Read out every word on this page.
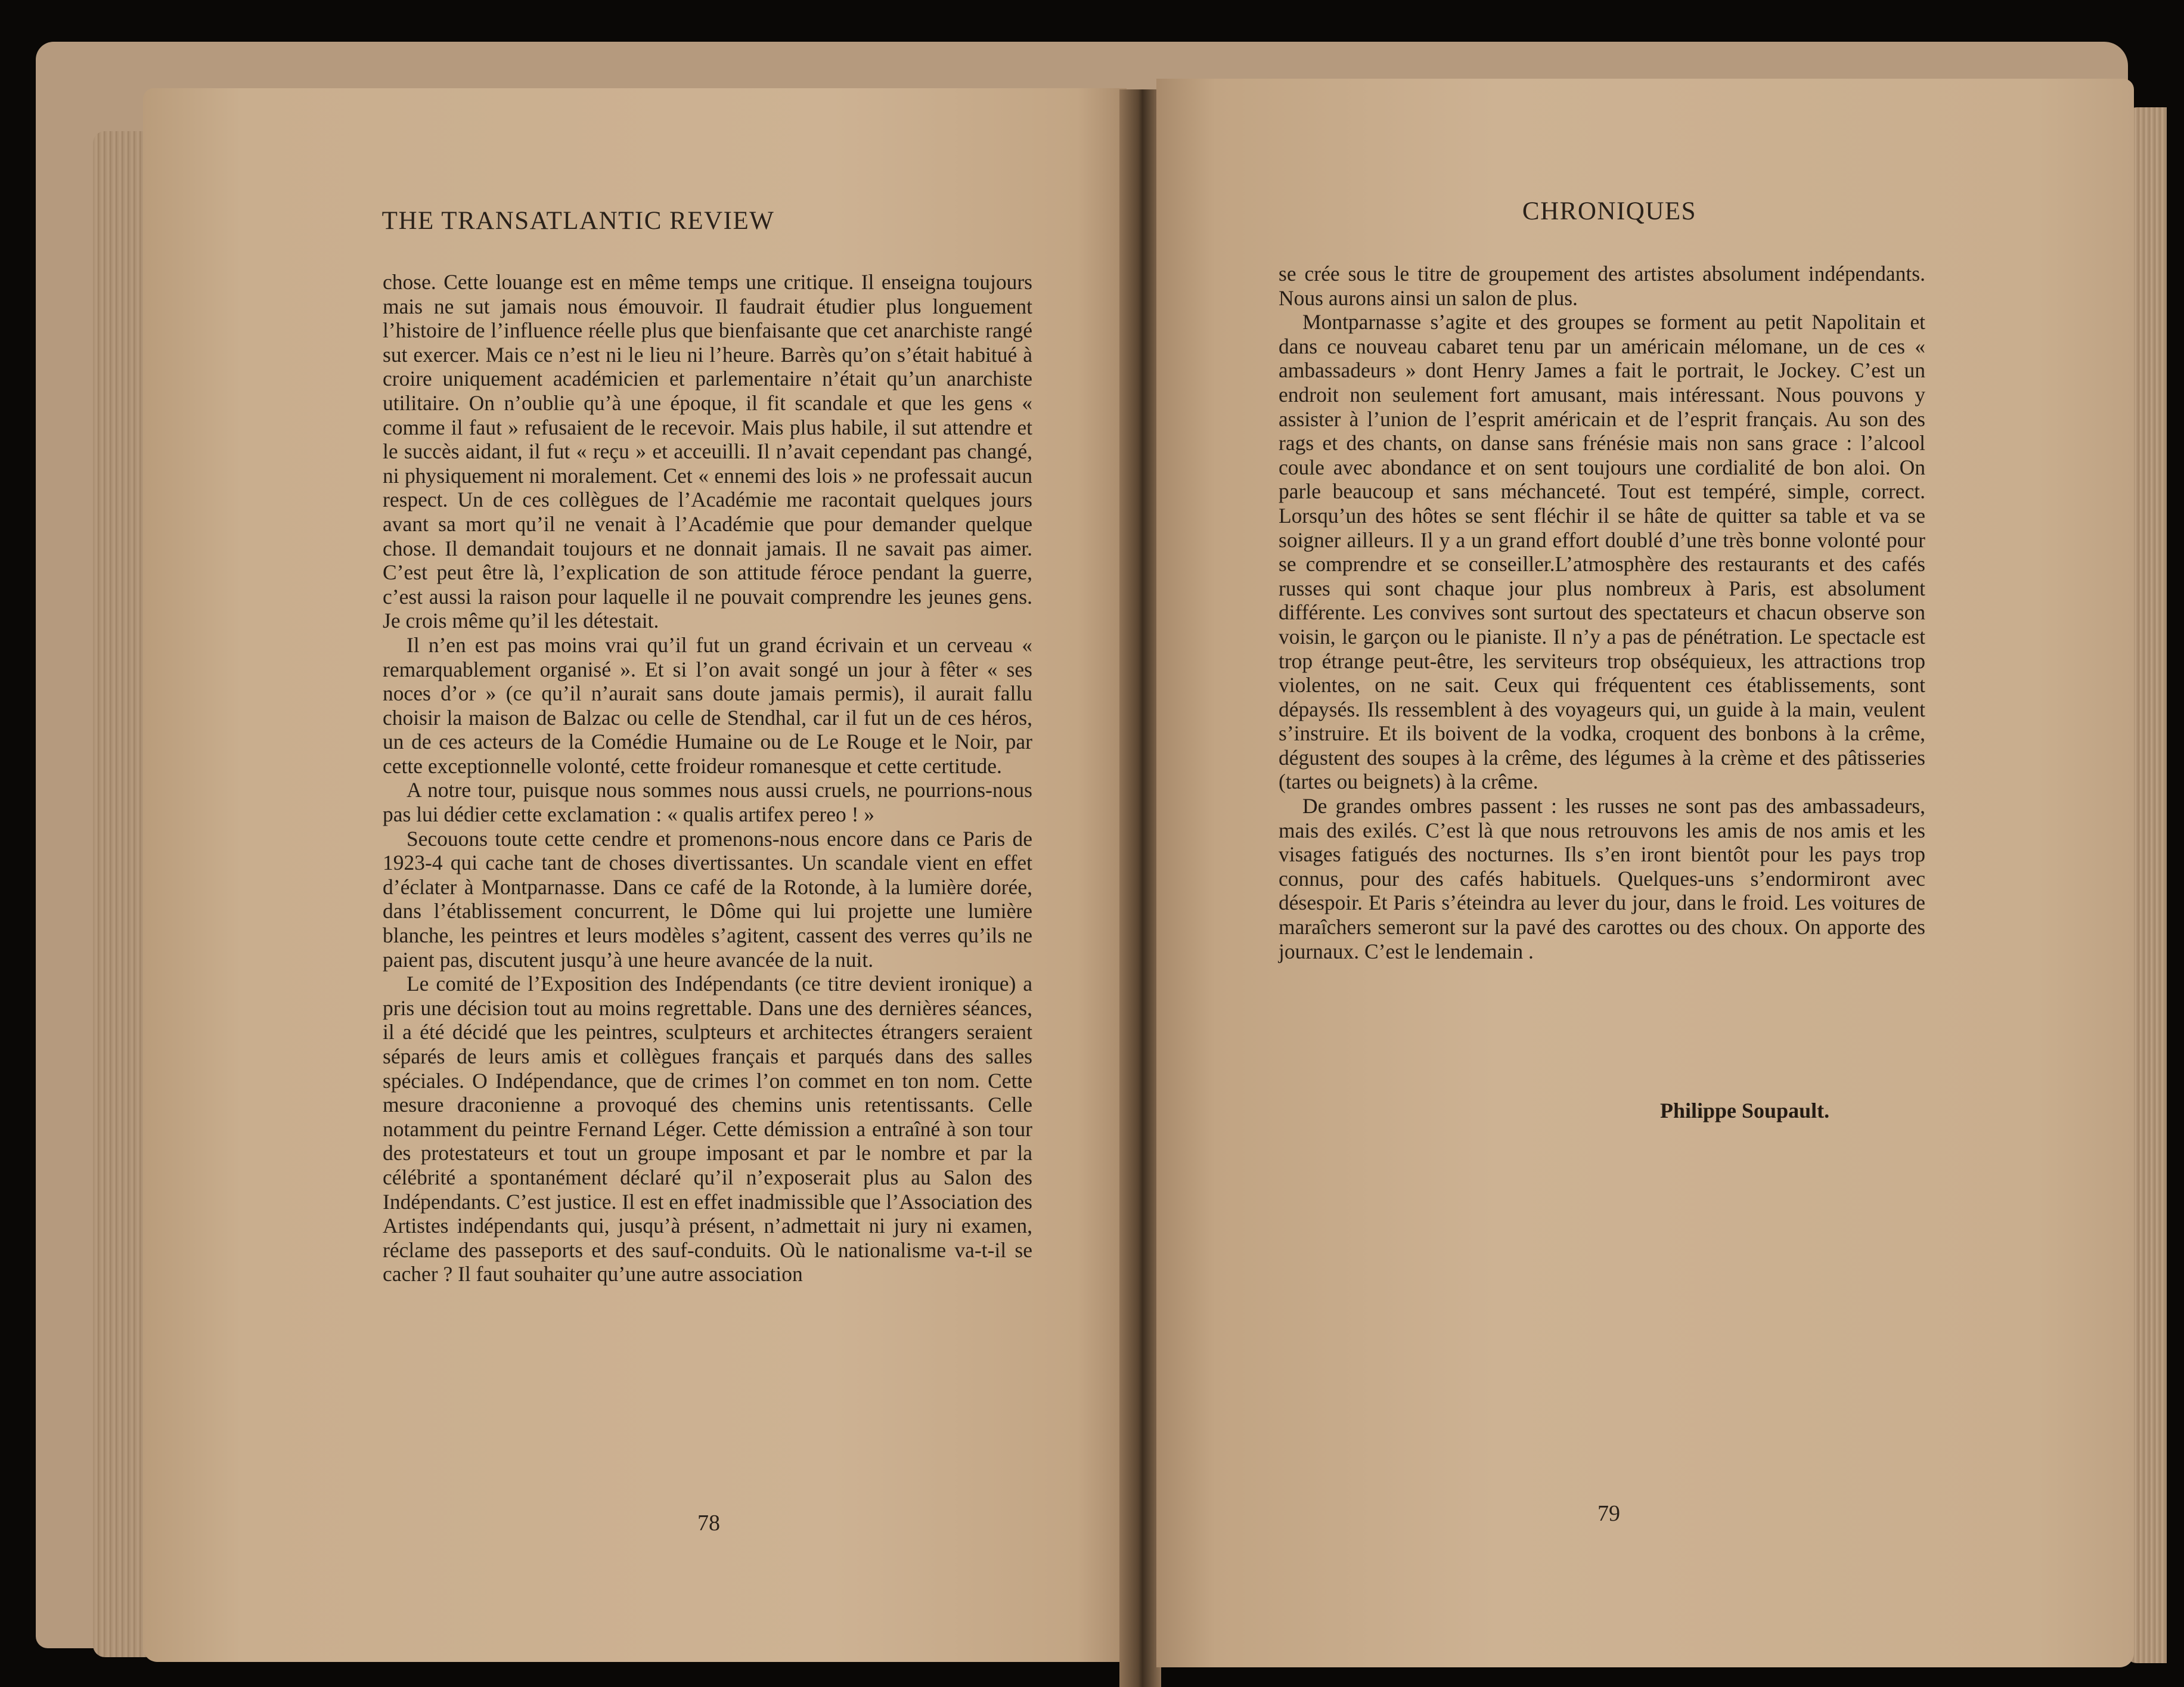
THE TRANSATLANTIC REVIEW

chose. Cette louange est en même temps une critique. Il enseigna toujours mais ne sut jamais nous émouvoir. Il faudrait étudier plus longuement l’histoire de l’influence réelle plus que bienfaisante que cet anarchiste rangé sut exercer. Mais ce n’est ni le lieu ni l’heure. Barrès qu’on s’était habitué à croire uniquement académicien et parlementaire n’était qu’un anarchiste utilitaire. On n’oublie qu’à une époque, il fit scandale et que les gens « comme il faut » refusaient de le recevoir. Mais plus habile, il sut attendre et le succès aidant, il fut « reçu » et acceuilli. Il n’avait cependant pas changé, ni physiquement ni moralement. Cet « ennemi des lois » ne professait aucun respect. Un de ces collègues de l’Académie me racontait quelques jours avant sa mort qu’il ne venait à l’Académie que pour demander quelque chose. Il demandait toujours et ne donnait jamais. Il ne savait pas aimer. C’est peut être là, l’explication de son attitude féroce pendant la guerre, c’est aussi la raison pour laquelle il ne pouvait comprendre les jeunes gens. Je crois même qu’il les détestait.

Il n’en est pas moins vrai qu’il fut un grand écrivain et un cerveau « remarquablement organisé ». Et si l’on avait songé un jour à fêter « ses noces d’or » (ce qu’il n’aurait sans doute jamais permis), il aurait fallu choisir la maison de Balzac ou celle de Stendhal, car il fut un de ces héros, un de ces acteurs de la Comédie Humaine ou de Le Rouge et le Noir, par cette exceptionnelle volonté, cette froideur romanesque et cette certitude.

A notre tour, puisque nous sommes nous aussi cruels, ne pourrions-nous pas lui dédier cette exclamation : « qualis artifex pereo ! »

Secouons toute cette cendre et promenons-nous encore dans ce Paris de 1923-4 qui cache tant de choses divertissantes. Un scandale vient en effet d’éclater à Montparnasse. Dans ce café de la Rotonde, à la lumière dorée, dans l’établissement concurrent, le Dôme qui lui projette une lumière blanche, les peintres et leurs modèles s’agitent, cassent des verres qu’ils ne paient pas, discutent jusqu’à une heure avancée de la nuit.

Le comité de l’Exposition des Indépendants (ce titre devient ironique) a pris une décision tout au moins regrettable. Dans une des dernières séances, il a été décidé que les peintres, sculpteurs et architectes étrangers seraient séparés de leurs amis et collègues français et parqués dans des salles spéciales. O Indépendance, que de crimes l’on commet en ton nom. Cette mesure draconienne a provoqué des chemins unis retentissants. Celle notamment du peintre Fernand Léger. Cette démission a entraîné à son tour des protestateurs et tout un groupe imposant et par le nombre et par la célébrité a spontanément déclaré qu’il n’exposerait plus au Salon des Indépendants. C’est justice. Il est en effet inadmissible que l’Association des Artistes indépendants qui, jusqu’à présent, n’admettait ni jury ni examen, réclame des passeports et des sauf-conduits. Où le nationalisme va-t-il se cacher ? Il faut souhaiter qu’une autre association

78
CHRONIQUES

se crée sous le titre de groupement des artistes absolument indépendants. Nous aurons ainsi un salon de plus.

Montparnasse s’agite et des groupes se forment au petit Napolitain et dans ce nouveau cabaret tenu par un américain mélomane, un de ces « ambassadeurs » dont Henry James a fait le portrait, le Jockey. C’est un endroit non seulement fort amusant, mais intéressant. Nous pouvons y assister à l’union de l’esprit américain et de l’esprit français. Au son des rags et des chants, on danse sans frénésie mais non sans grace : l’alcool coule avec abondance et on sent toujours une cordialité de bon aloi. On parle beaucoup et sans méchanceté. Tout est tempéré, simple, correct. Lorsqu’un des hôtes se sent fléchir il se hâte de quitter sa table et va se soigner ailleurs. Il y a un grand effort doublé d’une très bonne volonté pour se comprendre et se conseiller.L’atmosphère des restaurants et des cafés russes qui sont chaque jour plus nombreux à Paris, est absolument différente. Les convives sont surtout des spectateurs et chacun observe son voisin, le garçon ou le pianiste. Il n’y a pas de pénétration. Le spectacle est trop étrange peut-être, les serviteurs trop obséquieux, les attractions trop violentes, on ne sait. Ceux qui fréquentent ces établissements, sont dépaysés. Ils ressemblent à des voyageurs qui, un guide à la main, veulent s’instruire. Et ils boivent de la vodka, croquent des bonbons à la crême, dégustent des soupes à la crême, des légumes à la crème et des pâtisseries (tartes ou beignets) à la crême.

De grandes ombres passent : les russes ne sont pas des ambassadeurs, mais des exilés. C’est là que nous retrouvons les amis de nos amis et les visages fatigués des nocturnes. Ils s’en iront bientôt pour les pays trop connus, pour des cafés habituels. Quelques-uns s’endormiront avec désespoir. Et Paris s’éteindra au lever du jour, dans le froid. Les voitures de maraîchers semeront sur la pavé des carottes ou des choux. On apporte des journaux. C’est le lendemain .

Philippe Soupault.
79
